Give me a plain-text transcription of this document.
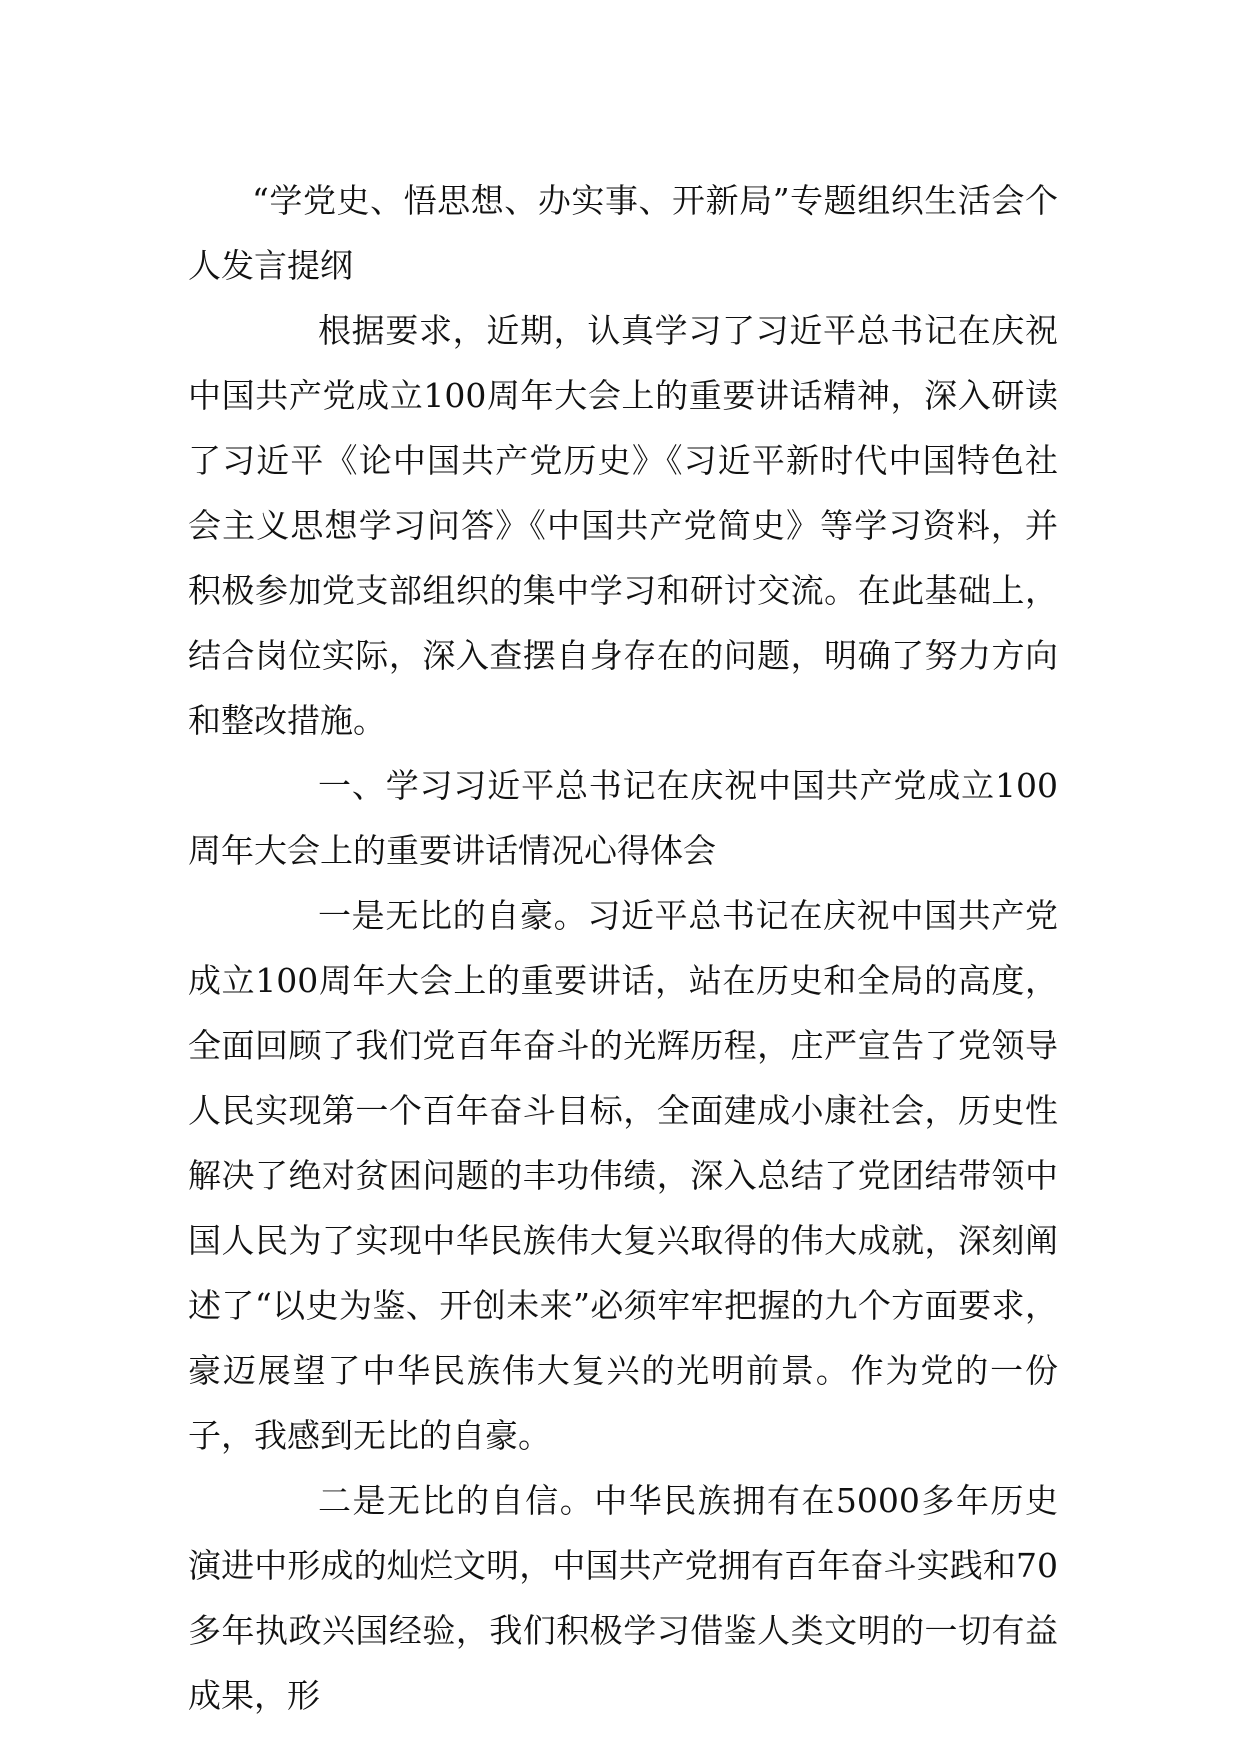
“学党史、悟思想、办实事、开新局”专题组织生活会个人发言提纲

根据要求，近期，认真学习了习近平总书记在庆祝中国共产党成立100周年大会上的重要讲话精神，深入研读了习近平《论中国共产党历史》《习近平新时代中国特色社会主义思想学习问答》《中国共产党简史》等学习资料，并积极参加党支部组织的集中学习和研讨交流。在此基础上，结合岗位实际，深入查摆自身存在的问题，明确了努力方向和整改措施。

一、学习习近平总书记在庆祝中国共产党成立100周年大会上的重要讲话情况心得体会

一是无比的自豪。习近平总书记在庆祝中国共产党成立100周年大会上的重要讲话，站在历史和全局的高度，全面回顾了我们党百年奋斗的光辉历程，庄严宣告了党领导人民实现第一个百年奋斗目标，全面建成小康社会，历史性解决了绝对贫困问题的丰功伟绩，深入总结了党团结带领中国人民为了实现中华民族伟大复兴取得的伟大成就，深刻阐述了“以史为鉴、开创未来”必须牢牢把握的九个方面要求，豪迈展望了中华民族伟大复兴的光明前景。作为党的一份子，我感到无比的自豪。

二是无比的自信。中华民族拥有在5000多年历史演进中形成的灿烂文明，中国共产党拥有百年奋斗实践和70多年执政兴国经验，我们积极学习借鉴人类文明的一切有益成果，形
